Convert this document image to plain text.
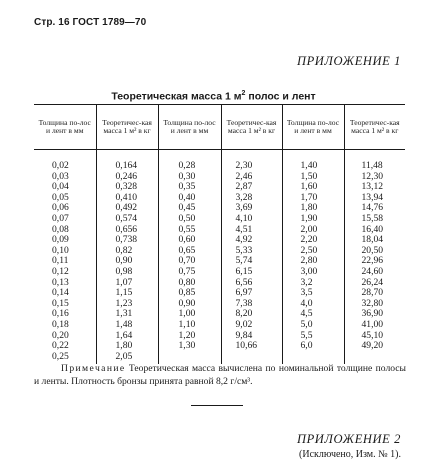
Стр. 16 ГОСТ 1789—70
ПРИЛОЖЕНИЕ 1
Теоретическая масса 1 $м^2$ полос и лент
Толщина по-лос и лент в мм	Теоретичес-кая масса 1 м² в кг	Толщина по-лос и лент в мм	Теоретичес-кая масса 1 м² в кг	Толщина по-лос и лент в мм	Теоретичес-кая масса 1 м² в кг
0,02	0,164	0,28	2,30	1,40	11,48
0,03	0,246	0,30	2,46	1,50	12,30
0,04	0,328	0,35	2,87	1,60	13,12
0,05	0,410	0,40	3,28	1,70	13,94
0,06	0,492	0,45	3,69	1,80	14,76
0,07	0,574	0,50	4,10	1,90	15,58
0,08	0,656	0,55	4,51	2,00	16,40
0,09	0,738	0,60	4,92	2,20	18,04
0,10	0,82	0,65	5,33	2,50	20,50
0,11	0,90	0,70	5,74	2,80	22,96
0,12	0,98	0,75	6,15	3,00	24,60
0,13	1,07	0,80	6,56	3,2	26,24
0,14	1,15	0,85	6,97	3,5	28,70
0,15	1,23	0,90	7,38	4,0	32,80
0,16	1,31	1,00	8,20	4,5	36,90
0,18	1,48	1,10	9,02	5,0	41,00
0,20	1,64	1,20	9,84	5,5	45,10
0,22	1,80	1,30	10,66	6,0	49,20
0,25	2,05				
Примечание Теоретическая масса вычислена по номинальной толщине полосы и ленты. Плотность бронзы принята равной 8,2 г/см³.
ПРИЛОЖЕНИЕ 2
(Исключено, Изм. № 1).
